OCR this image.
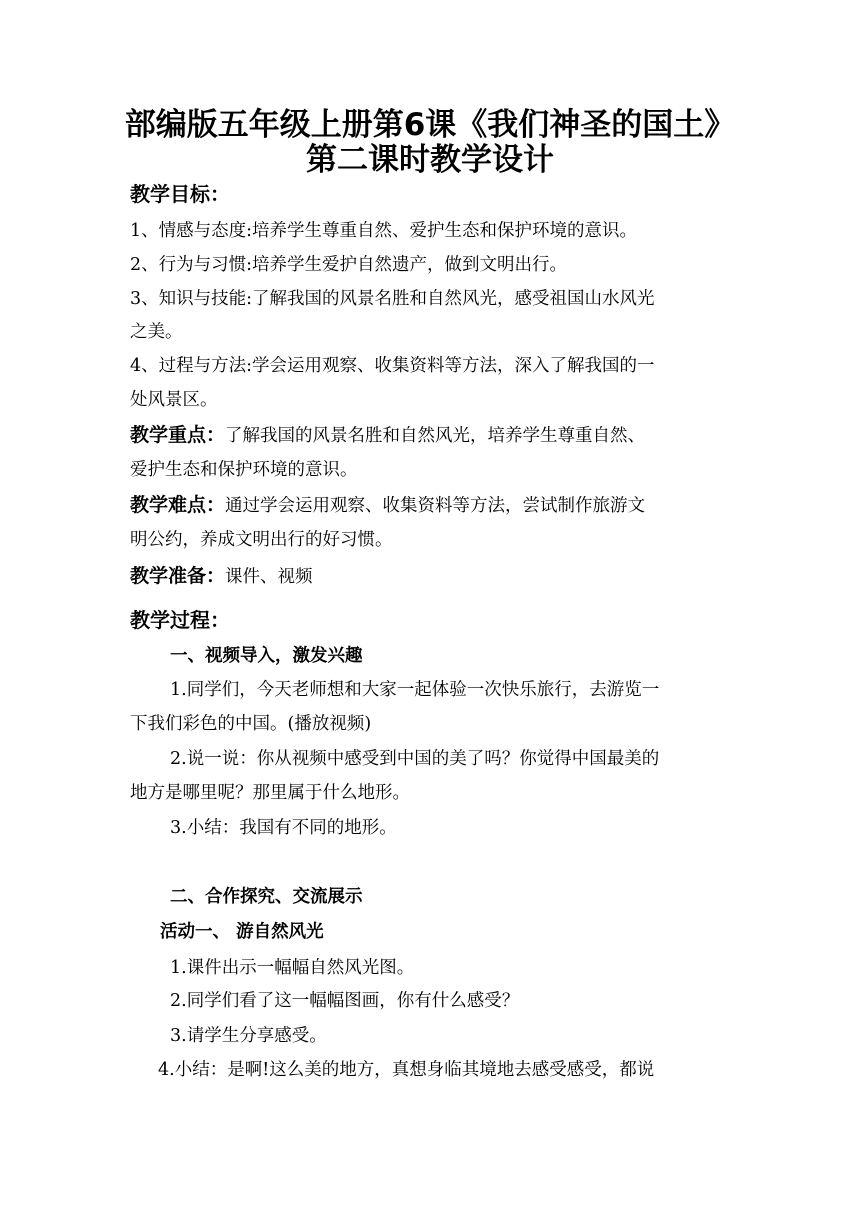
部编版五年级上册第6课《我们神圣的国土》
第二课时教学设计
教学目标：
1、情感与态度:培养学生尊重自然、爱护生态和保护环境的意识。
2、行为与习惯:培养学生爱护自然遗产，做到文明出行。
3、知识与技能:了解我国的风景名胜和自然风光，感受祖国山水风光
之美。
4、过程与方法:学会运用观察、收集资料等方法，深入了解我国的一
处风景区。
教学重点：了解我国的风景名胜和自然风光，培养学生尊重自然、
爱护生态和保护环境的意识。
教学难点：通过学会运用观察、收集资料等方法，尝试制作旅游文
明公约，养成文明出行的好习惯。
教学准备：课件、视频
教学过程：
一、视频导入，激发兴趣
1.同学们，今天老师想和大家一起体验一次快乐旅行，去游览一
下我们彩色的中国。(播放视频)
2.说一说：你从视频中感受到中国的美了吗？你觉得中国最美的
地方是哪里呢？那里属于什么地形。
3.小结：我国有不同的地形。
二、合作探究、交流展示
活动一、 游自然风光
1.课件出示一幅幅自然风光图。
2.同学们看了这一幅幅图画，你有什么感受？
3.请学生分享感受。
4.小结：是啊!这么美的地方，真想身临其境地去感受感受，都说
